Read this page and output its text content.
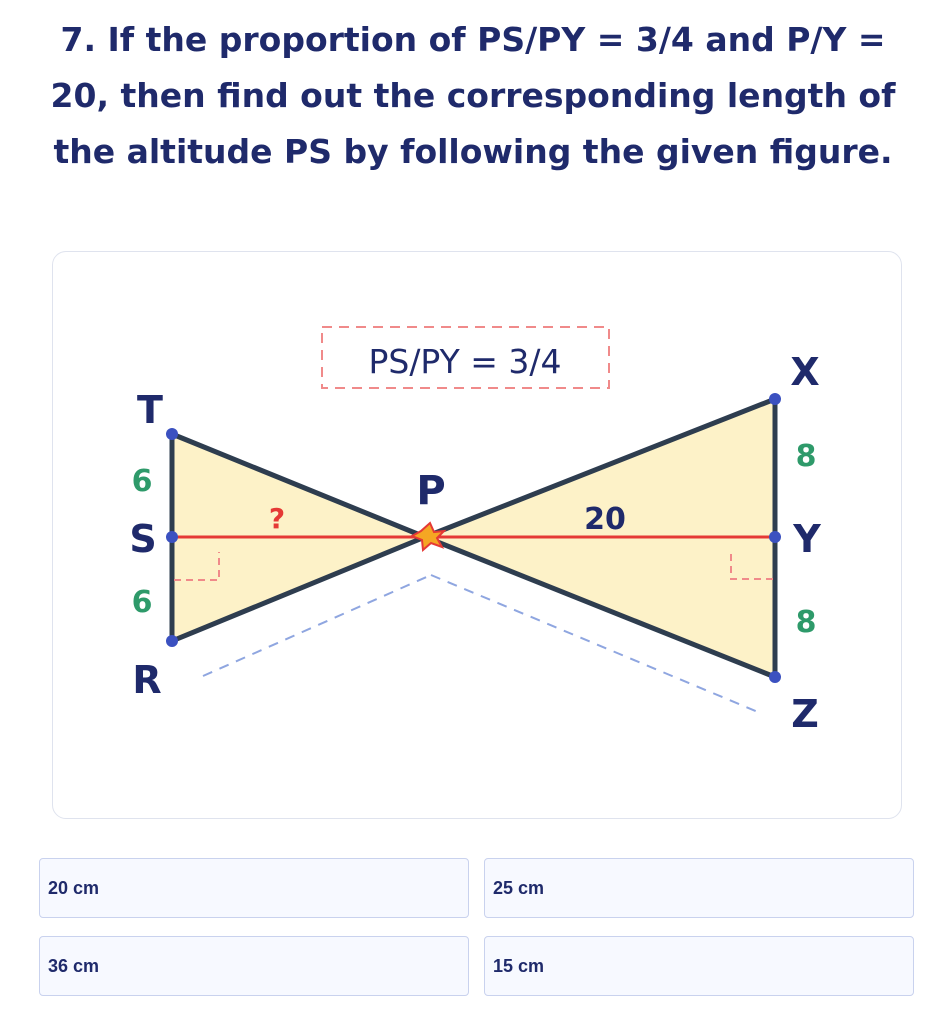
7. If the proportion of PS/PY = 3/4 and P/Y = 20, then find out the corresponding length of the altitude PS by following the given figure.

PS/PY = 3/4
T
S
R
P
X
Y
Z
6
6
8
8
20
?
20 cm	25 cm
36 cm	15 cm
